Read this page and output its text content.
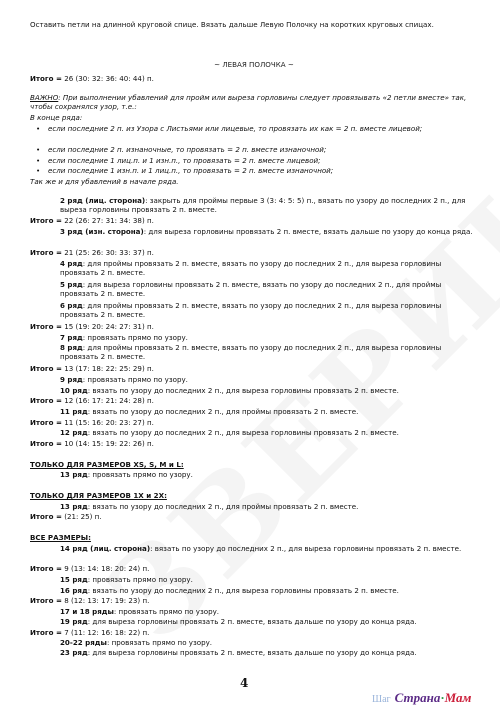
Оставить петли на длинной круговой спице. Вязать дальше Левую Полочку на коротких круговых спицах.
~ ЛЕВАЯ ПОЛОЧКА ~
Итого = 26 (30: 32: 36: 40: 44) п.
ВАЖНО: При выполнении убавлений для пройм или выреза горловины следует провязывать «2 петли вместе» так, чтобы сохранялся узор, т.е.:
В конце ряда:
• если последние 2 п. из Узора с Листьями или лицевые, то провязать их как = 2 п. вместе лицевой;
• если последние 2 п. изнаночные, то провязать = 2 п. вместе изнаночной;
• если последние 1 лиц.п. и 1 изн.п., то провязать = 2 п. вместе лицевой;
• если последние 1 изн.п. и 1 лиц.п., то провязать = 2 п. вместе изнаночной;
Так же и для убавлений в начале ряда.
2 ряд (лиц. сторона): закрыть для проймы первые 3 (3: 4: 5: 5) п., вязать по узору до последних 2 п., для выреза горловины провязать 2 п. вместе.
Итого = 22 (26: 27: 31: 34: 38) п.
3 ряд (изн. сторона): для выреза горловины провязать 2 п. вместе, вязать дальше по узору до конца ряда.
Итого = 21 (25: 26: 30: 33: 37) п.
4 ряд: для проймы провязать 2 п. вместе, вязать по узору до последних 2 п., для выреза горловины провязать 2 п. вместе.
5 ряд: для выреза горловины провязать 2 п. вместе, вязать по узору до последних 2 п., для проймы провязать 2 п. вместе.
6 ряд: для проймы провязать 2 п. вместе, вязать по узору до последних 2 п., для выреза горловины провязать 2 п. вместе.
Итого = 15 (19: 20: 24: 27: 31) п.
7 ряд: провязать прямо по узору.
8 ряд: для проймы провязать 2 п. вместе, вязать по узору до последних 2 п., для выреза горловины провязать 2 п. вместе.
Итого = 13 (17: 18: 22: 25: 29) п.
9 ряд: провязать прямо по узору.
10 ряд: вязать по узору до последних 2 п., для выреза горловины провязать 2 п. вместе.
Итого = 12 (16: 17: 21: 24: 28) п.
11 ряд: вязать по узору до последних 2 п., для проймы провязать 2 п. вместе.
Итого = 11 (15: 16: 20: 23: 27) п.
12 ряд: вязать по узору до последних 2 п., для выреза горловины провязать 2 п. вместе.
Итого = 10 (14: 15: 19: 22: 26) п.
ТОЛЬКО ДЛЯ РАЗМЕРОВ XS, S, M и L:
13 ряд: провязать прямо по узору.
ТОЛЬКО ДЛЯ РАЗМЕРОВ 1X и 2X:
13 ряд: вязать по узору до последних 2 п., для проймы провязать 2 п. вместе.
Итого = (21: 25) п.
ВСЕ РАЗМЕРЫ:
14 ряд (лиц. сторона): вязать по узору до последних 2 п., для выреза горловины провязать 2 п. вместе.
Итого = 9 (13: 14: 18: 20: 24) п.
15 ряд: провязать прямо по узору.
16 ряд: вязать по узору до последних 2 п., для выреза горловины провязать 2 п. вместе.
Итого = 8 (12: 13: 17: 19: 23) п.
17 и 18 ряды: провязать прямо по узору.
19 ряд: для выреза горловины провязать 2 п. вместе, вязать дальше по узору до конца ряда.
Итого = 7 (11: 12: 16: 18: 22) п.
20-22 ряды: провязать прямо по узору.
23 ряд: для выреза горловины провязать 2 п. вместе, вязать дальше по узору до конца ряда.
4
Шаг Страна·Мам
